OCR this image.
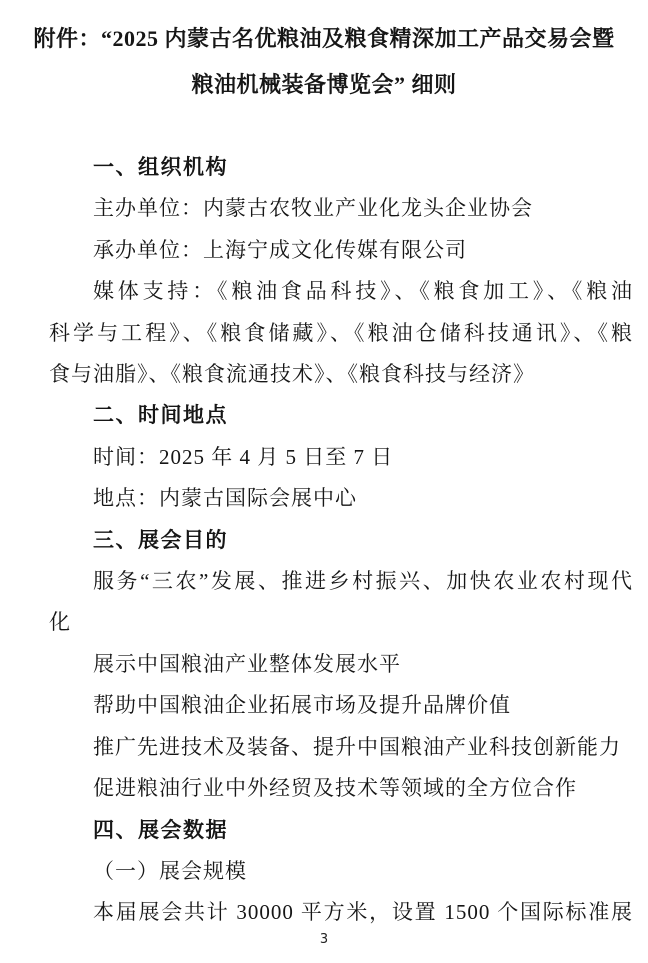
附件：“2025 内蒙古名优粮油及粮食精深加工产品交易会暨
粮油机械装备博览会” 细则
一、组织机构
主办单位：内蒙古农牧业产业化龙头企业协会
承办单位：上海宁成文化传媒有限公司
媒体支持：《粮油食品科技》、《粮食加工》、《粮油
科学与工程》、《粮食储藏》、《粮油仓储科技通讯》、《粮
食与油脂》、《粮食流通技术》、《粮食科技与经济》
二、时间地点
时间：2025 年 4 月 5 日至 7 日
地点：内蒙古国际会展中心
三、展会目的
服务“三农”发展、推进乡村振兴、加快农业农村现代
化
展示中国粮油产业整体发展水平
帮助中国粮油企业拓展市场及提升品牌价值
推广先进技术及装备、提升中国粮油产业科技创新能力
促进粮油行业中外经贸及技术等领域的全方位合作
四、展会数据
（一）展会规模
本届展会共计 30000 平方米，设置 1500 个国际标准展
3
